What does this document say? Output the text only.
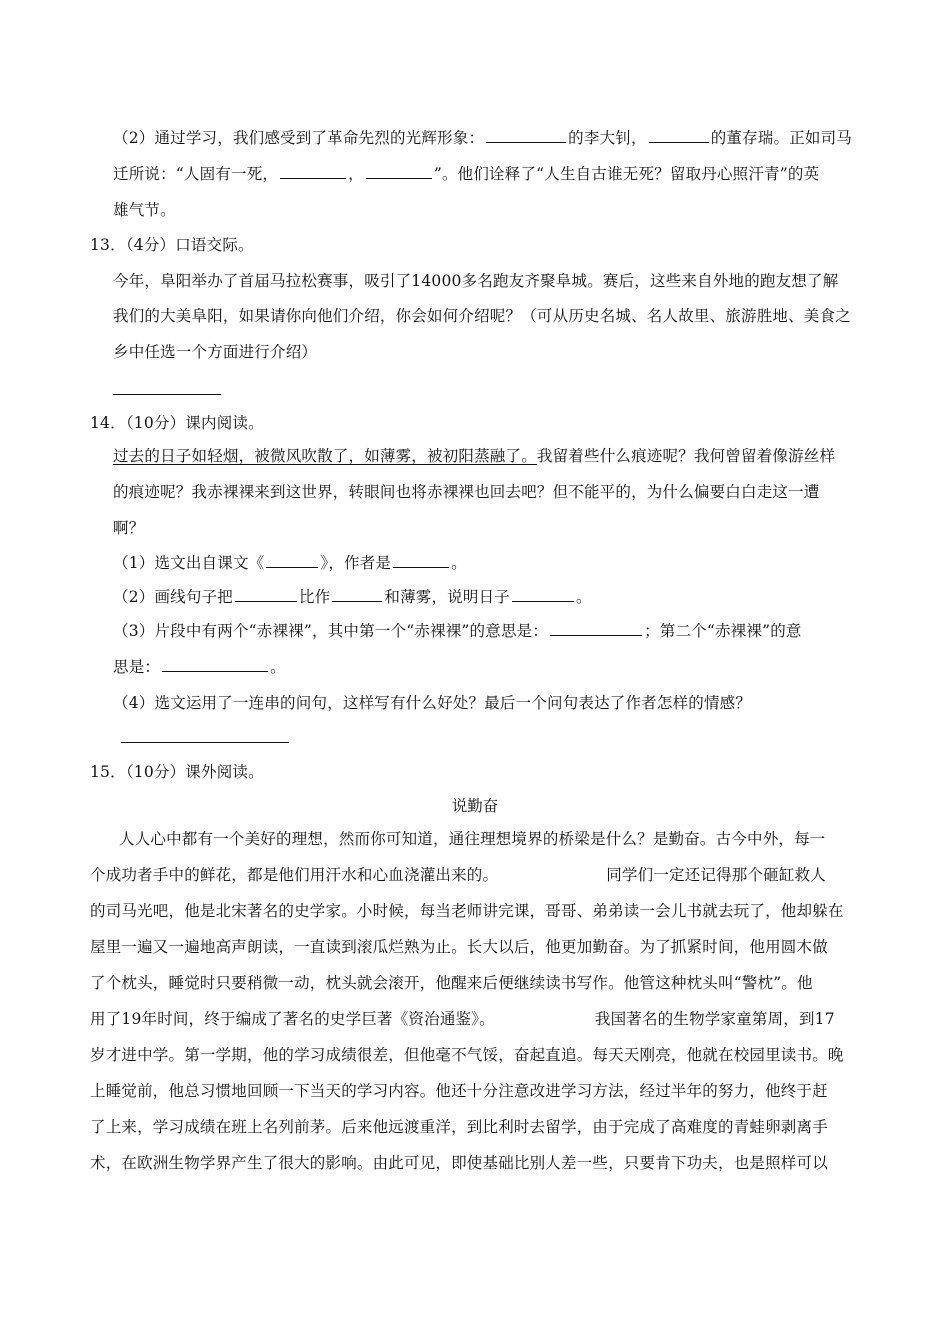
（2）通过学习，我们感受到了革命先烈的光辉形象：	的李大钊，	的董存瑞。正如司马
迁所说：“人固有一死，	，	”。他们诠释了“人生自古谁无死？留取丹心照汗青”的英
雄气节。
13．（4分）口语交际。
今年，阜阳举办了首届马拉松赛事，吸引了14000多名跑友齐聚阜城。赛后，这些来自外地的跑友想了解
我们的大美阜阳，如果请你向他们介绍，你会如何介绍呢？（可从历史名城、名人故里、旅游胜地、美食之
乡中任选一个方面进行介绍）
14．（10分）课内阅读。
过去的日子如轻烟，被微风吹散了，如薄雾，被初阳蒸融了。我留着些什么痕迹呢？我何曾留着像游丝样
的痕迹呢？我赤裸裸来到这世界，转眼间也将赤裸裸也回去吧？但不能平的，为什么偏要白白走这一遭
啊？
（1）选文出自课文《	》，作者是	。
（2）画线句子把	比作	和薄雾，说明日子	。
（3）片段中有两个“赤裸裸”，其中第一个“赤裸裸”的意思是：	；第二个“赤裸裸”的意
思是：	。
（4）选文运用了一连串的问句，这样写有什么好处？最后一个问句表达了作者怎样的情感？
15．（10分）课外阅读。
说勤奋
人人心中都有一个美好的理想，然而你可知道，通往理想境界的桥梁是什么？是勤奋。古今中外，每一
个成功者手中的鲜花，都是他们用汗水和心血浇灌出来的。	同学们一定还记得那个砸缸救人
的司马光吧，他是北宋著名的史学家。小时候，每当老师讲完课，哥哥、弟弟读一会儿书就去玩了，他却躲在
屋里一遍又一遍地高声朗读，一直读到滚瓜烂熟为止。长大以后，他更加勤奋。为了抓紧时间，他用圆木做
了个枕头，睡觉时只要稍微一动，枕头就会滚开，他醒来后便继续读书写作。他管这种枕头叫“警枕”。他
用了19年时间，终于编成了著名的史学巨著《资治通鉴》。	我国著名的生物学家童第周，到17
岁才进中学。第一学期，他的学习成绩很差，但他毫不气馁，奋起直追。每天天刚亮，他就在校园里读书。晚
上睡觉前，他总习惯地回顾一下当天的学习内容。他还十分注意改进学习方法，经过半年的努力，他终于赶
了上来，学习成绩在班上名列前茅。后来他远渡重洋，到比利时去留学，由于完成了高难度的青蛙卵剥离手
术，在欧洲生物学界产生了很大的影响。由此可见，即使基础比别人差一些，只要肯下功夫，也是照样可以
